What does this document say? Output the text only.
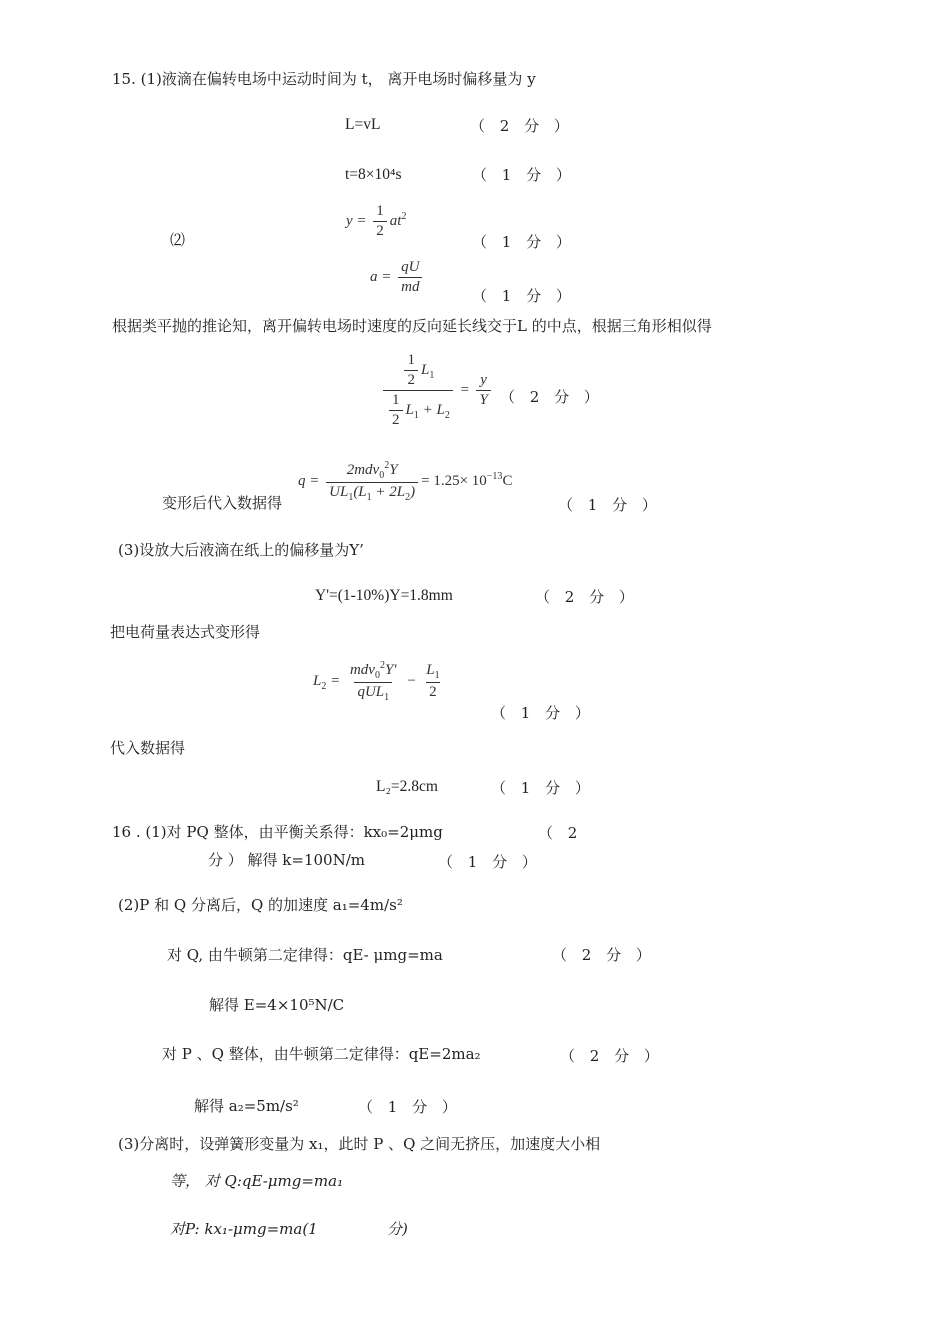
15. (1)液滴在偏转电场中运动时间为 t， 离开电场时偏移量为 y
L=vL	（ 2 分 ）
t=8×10⁴s	（ 1 分 ）
⑵
$y = \frac{1}{2} at^2$
（ 1 分 ）
$a = \frac{qU}{md}$	（ 1 分 ）
根据类平抛的推论知，离开偏转电场时速度的反向延长线交于L 的中点，根据三角形相似得
$\frac{\frac{1}{2} L_1}{\frac{1}{2} L_1 + L_2} = \frac{y}{Y}$ （ 2 分 ）
变形后代入数据得
$q = \frac{2mdv_0^2Y}{UL_1(L_1 + 2L_2)} = 1.25\times 10^{-13}C$
（ 1 分 ）
(3)设放大后液滴在纸上的偏移量为Y’
Y'=(1-10%)Y=1.8mm	（ 2 分 ）
把电荷量表达式变形得
$L_2 = \frac{mdv_0^2Y'}{qUL_1} - \frac{L_1}{2}$
（ 1 分 ）
代入数据得
L₂=2.8cm	（ 1 分 ）
16 . (1)对 PQ 整体，由平衡关系得：kx₀=2μmg	（ 2
分 ） 解得 k=100N/m	（ 1 分 ）
(2)P 和 Q 分离后，Q 的加速度 a₁=4m/s²
对 Q, 由牛顿第二定律得：qE- μmg=ma	（ 2 分 ）
解得 E=4×10⁵N/C
对 P 、Q 整体，由牛顿第二定律得：qE=2ma₂	（ 2 分 ）
解得 a₂=5m/s²	（ 1 分 ）
(3)分离时，设弹簧形变量为 x₁，此时 P 、Q 之间无挤压，加速度大小相
等， 对 Q:qE-μmg=ma₁
对P: kx₁-μmg=ma(1	分)
